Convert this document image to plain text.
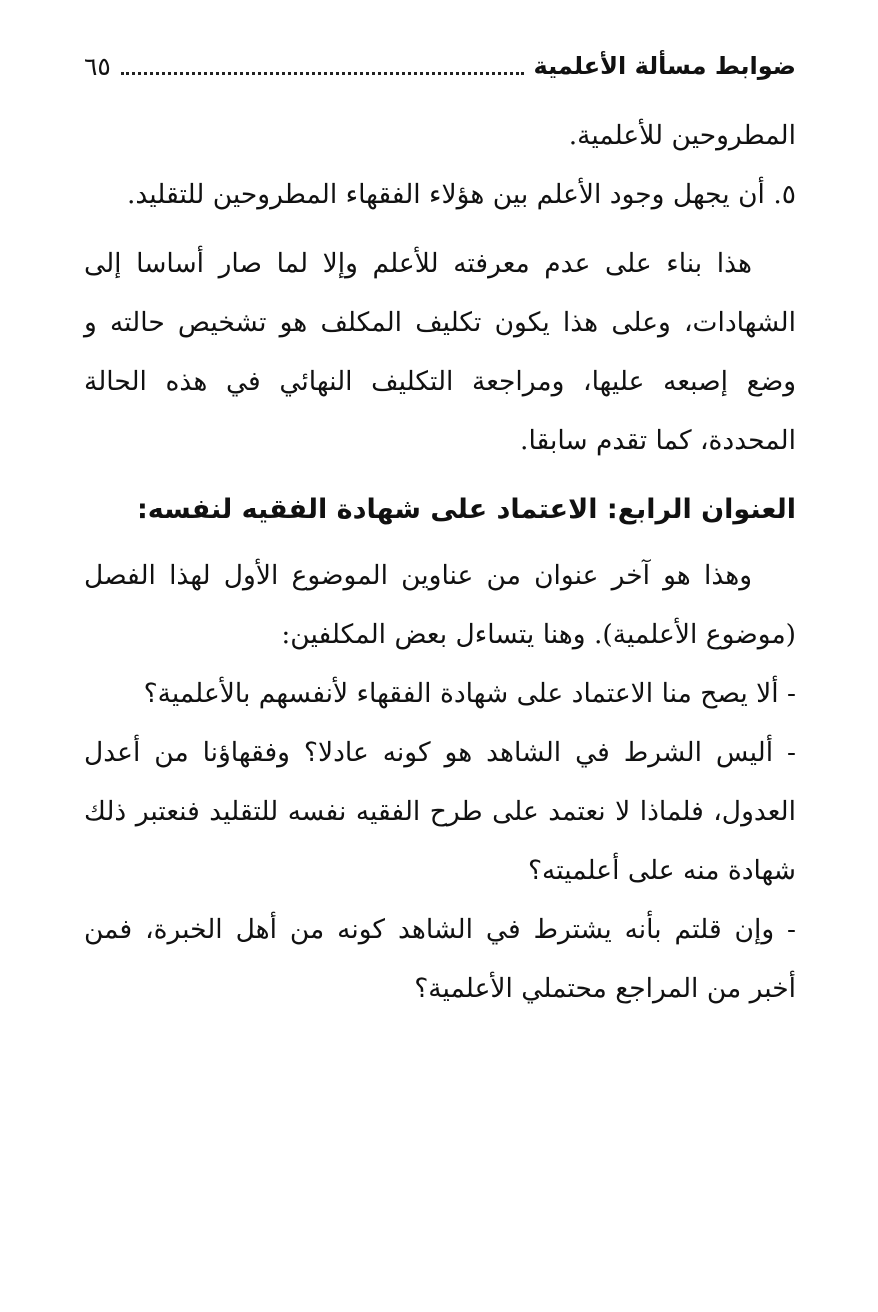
ضوابط مسألة الأعلمية
٦٥

المطروحين للأعلمية.

٥. أن يجهل وجود الأعلم بين هؤلاء الفقهاء المطروحين للتقليد.

هذا بناء على عدم معرفته للأعلم وإلا لما صار أساسا إلى الشهادات، وعلى هذا يكون تكليف المكلف هو تشخيص حالته و وضع إصبعه عليها، ومراجعة التكليف النهائي في هذه الحالة المحددة، كما تقدم سابقا.

العنوان الرابع: الاعتماد على شهادة الفقيه لنفسه:

وهذا هو آخر عنوان من عناوين الموضوع الأول لهذا الفصل (موضوع الأعلمية). وهنا يتساءل بعض المكلفين:

- ألا يصح منا الاعتماد على شهادة الفقهاء لأنفسهم بالأعلمية؟

- أليس الشرط في الشاهد هو كونه عادلا؟ وفقهاؤنا من أعدل العدول، فلماذا لا نعتمد على طرح الفقيه نفسه للتقليد فنعتبر ذلك شهادة منه على أعلميته؟

- وإن قلتم بأنه يشترط في الشاهد كونه من أهل الخبرة، فمن أخبر من المراجع محتملي الأعلمية؟
